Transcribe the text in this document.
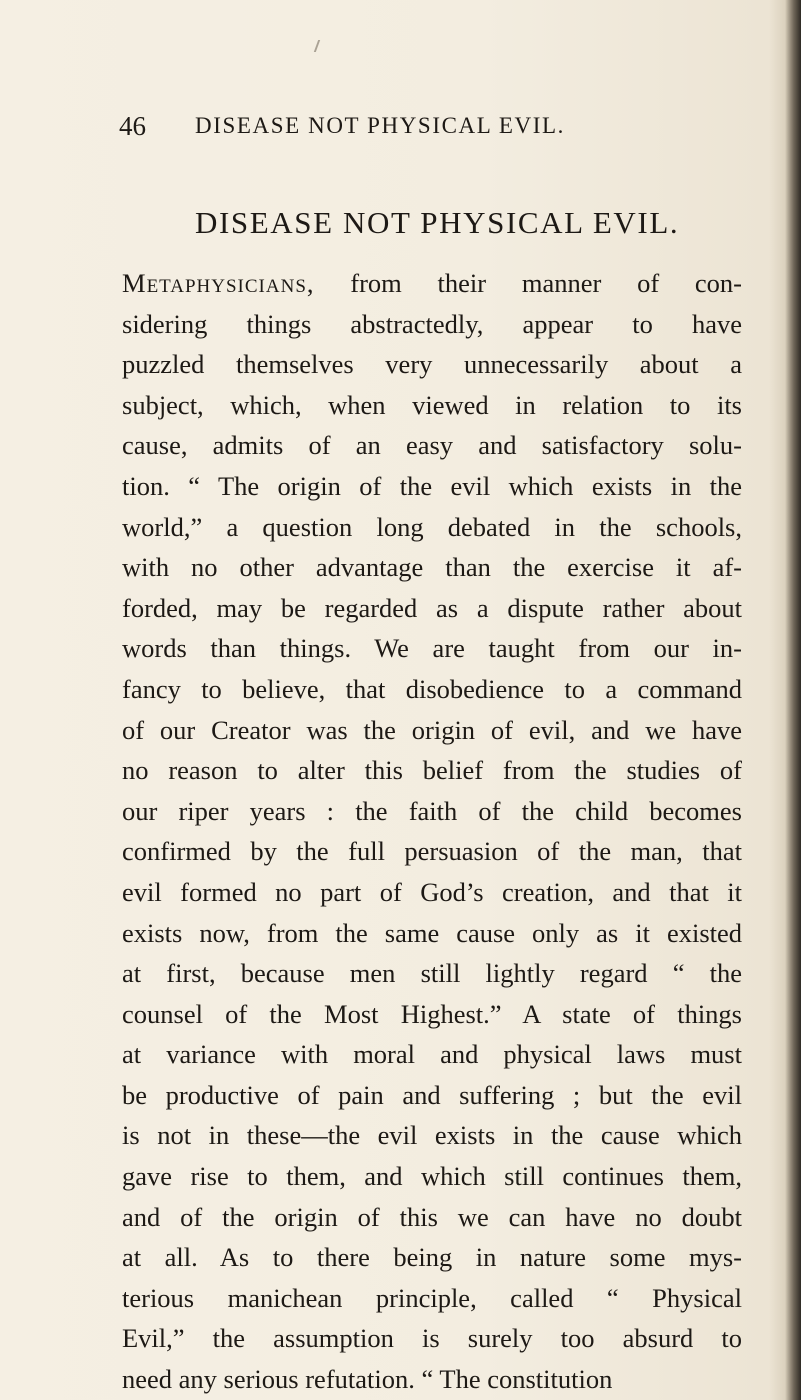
46 DISEASE NOT PHYSICAL EVIL.
DISEASE NOT PHYSICAL EVIL.
Metaphysicians, from their manner of con-
sidering things abstractedly, appear to have
puzzled themselves very unnecessarily about a
subject, which, when viewed in relation to its
cause, admits of an easy and satisfactory solu-
tion. “ The origin of the evil which exists in the
world,” a question long debated in the schools,
with no other advantage than the exercise it af-
forded, may be regarded as a dispute rather about
words than things. We are taught from our in-
fancy to believe, that disobedience to a command
of our Creator was the origin of evil, and we have
no reason to alter this belief from the studies of
our riper years : the faith of the child becomes
confirmed by the full persuasion of the man, that
evil formed no part of God’s creation, and that it
exists now, from the same cause only as it existed
at first, because men still lightly regard “ the
counsel of the Most Highest.” A state of things
at variance with moral and physical laws must
be productive of pain and suffering ; but the evil
is not in these—the evil exists in the cause which
gave rise to them, and which still continues them,
and of the origin of this we can have no doubt
at all. As to there being in nature some mys-
terious manichean principle, called “ Physical
Evil,” the assumption is surely too absurd to
need any serious refutation. “ The constitution
